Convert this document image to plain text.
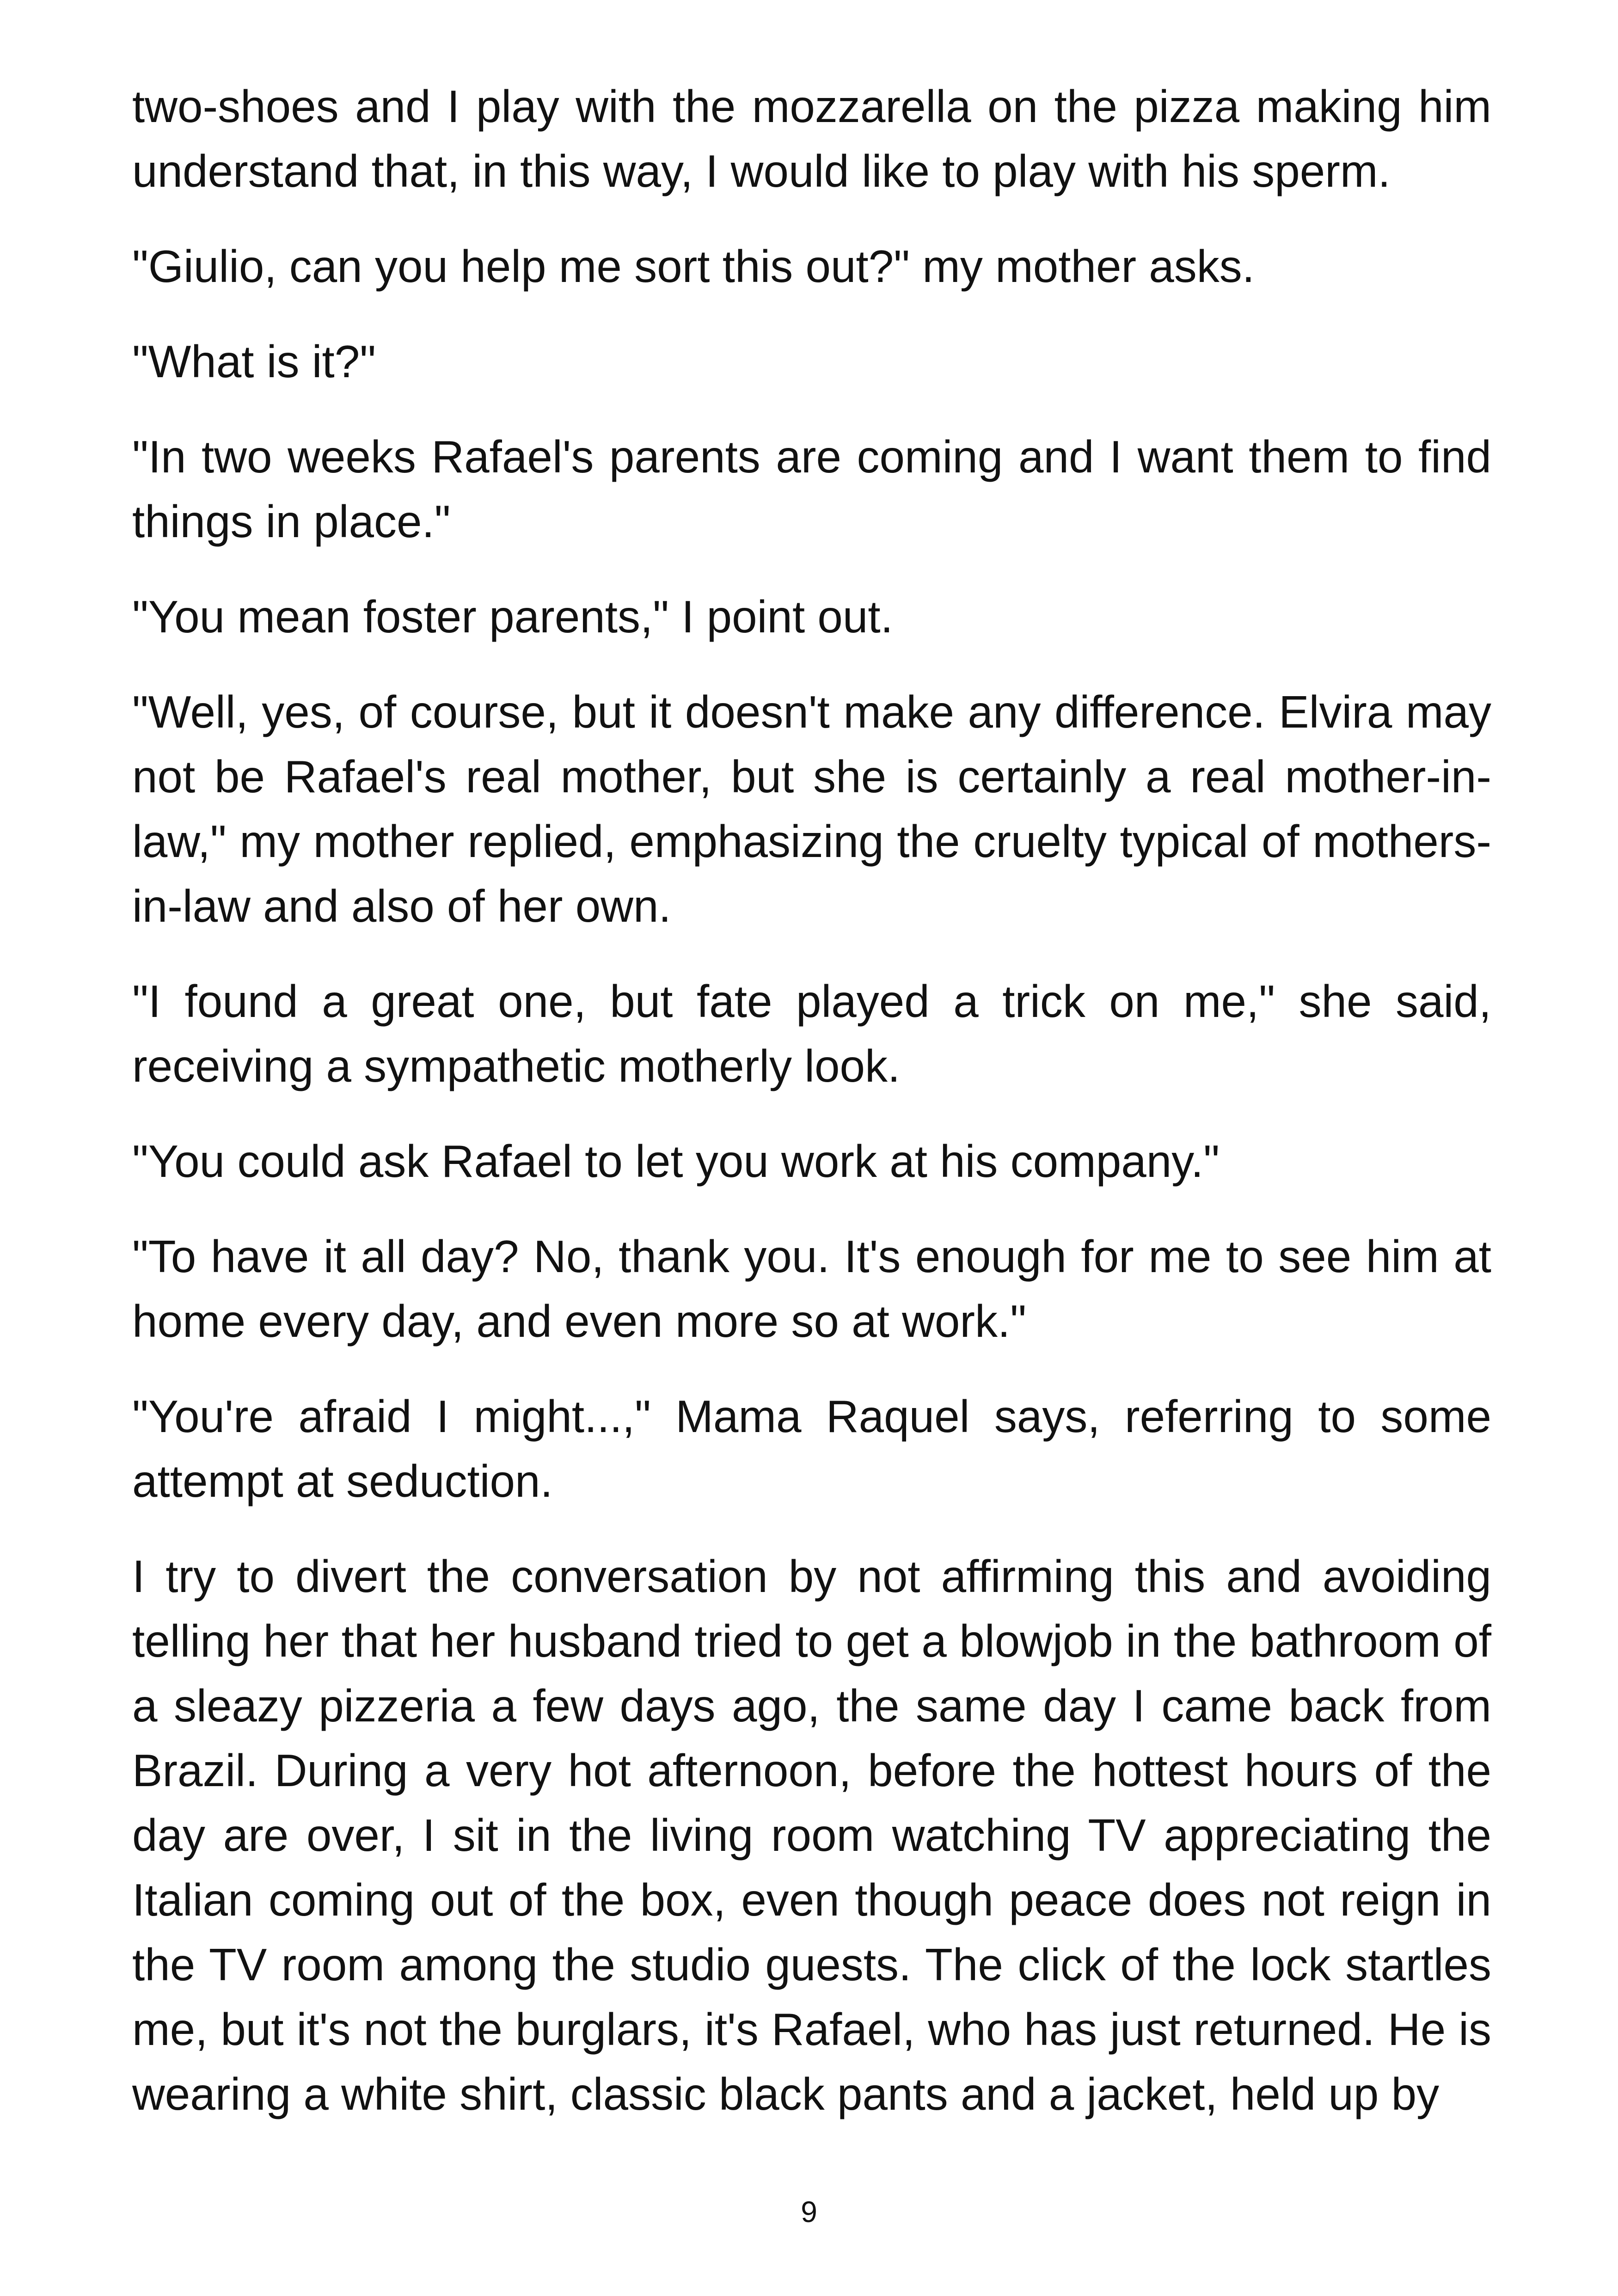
two-shoes and I play with the mozzarella on the pizza making him understand that, in this way, I would like to play with his sperm.

"Giulio, can you help me sort this out?" my mother asks.

"What is it?"

"In two weeks Rafael's parents are coming and I want them to find things in place."

"You mean foster parents," I point out.

"Well, yes, of course, but it doesn't make any difference. Elvira may not be Rafael's real mother, but she is certainly a real mother-in-law," my mother replied, emphasizing the cruelty typical of mothers-in-law and also of her own.

"I found a great one, but fate played a trick on me," she said, receiving a sympathetic motherly look.

"You could ask Rafael to let you work at his company."

"To have it all day? No, thank you. It's enough for me to see him at home every day, and even more so at work."

"You're afraid I might...," Mama Raquel says, referring to some attempt at seduction.

I try to divert the conversation by not affirming this and avoiding telling her that her husband tried to get a blowjob in the bathroom of a sleazy pizzeria a few days ago, the same day I came back from Brazil. During a very hot afternoon, before the hottest hours of the day are over, I sit in the living room watching TV appreciating the Italian coming out of the box, even though peace does not reign in the TV room among the studio guests. The click of the lock startles me, but it's not the burglars, it's Rafael, who has just returned. He is wearing a white shirt, classic black pants and a jacket, held up by

9
